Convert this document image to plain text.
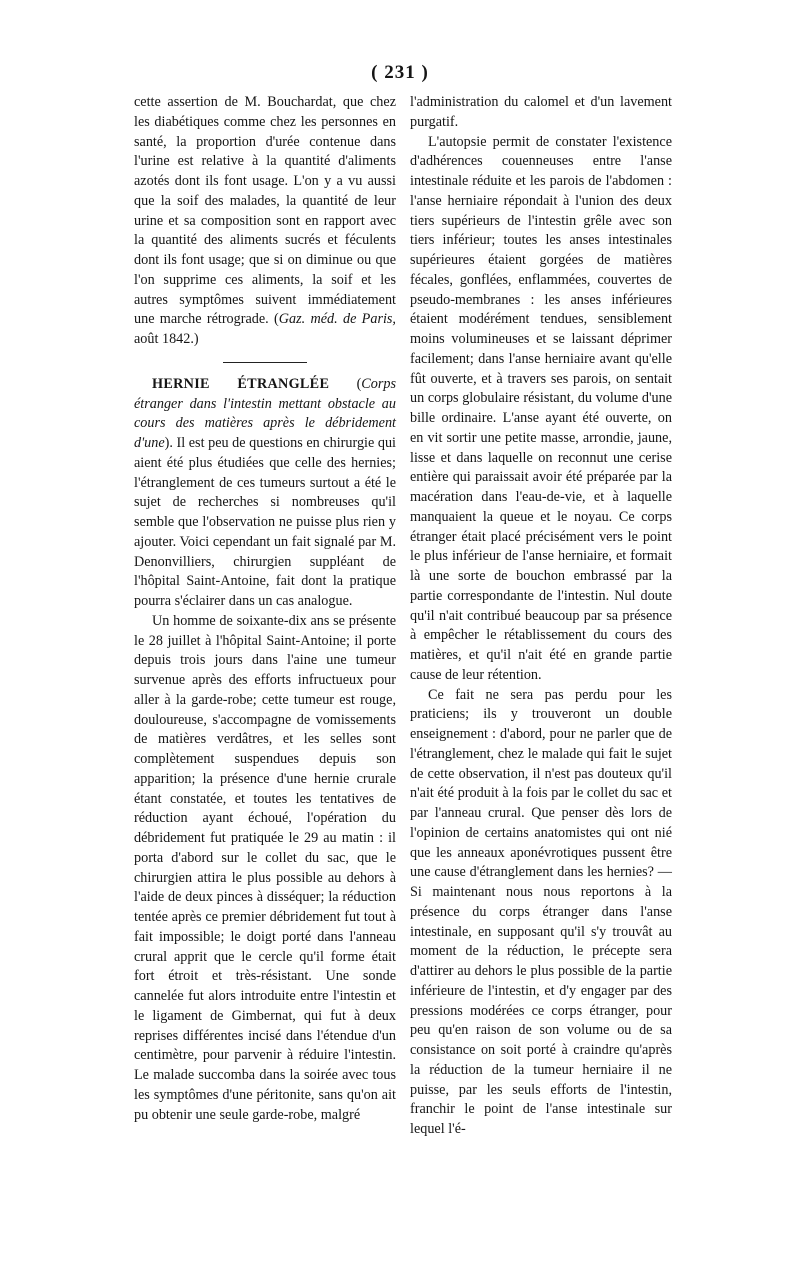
( 231 )

cette assertion de M. Bouchardat, que chez les diabétiques comme chez les personnes en santé, la proportion d'urée contenue dans l'urine est relative à la quantité d'aliments azotés dont ils font usage. L'on y a vu aussi que la soif des malades, la quantité de leur urine et sa composition sont en rapport avec la quantité des aliments sucrés et féculents dont ils font usage; que si on diminue ou que l'on supprime ces aliments, la soif et les autres symptômes suivent immédiatement une marche rétrograde. (Gaz. méd. de Paris, août 1842.)

HERNIE ÉTRANGLÉE (Corps étranger dans l'intestin mettant obstacle au cours des matières après le débridement d'une). Il est peu de questions en chirurgie qui aient été plus étudiées que celle des hernies; l'étranglement de ces tumeurs surtout a été le sujet de recherches si nombreuses qu'il semble que l'observation ne puisse plus rien y ajouter. Voici cependant un fait signalé par M. Denonvilliers, chirurgien suppléant de l'hôpital Saint-Antoine, fait dont la pratique pourra s'éclairer dans un cas analogue.

Un homme de soixante-dix ans se présente le 28 juillet à l'hôpital Saint-Antoine; il porte depuis trois jours dans l'aine une tumeur survenue après des efforts infructueux pour aller à la garde-robe; cette tumeur est rouge, douloureuse, s'accompagne de vomissements de matières verdâtres, et les selles sont complètement suspendues depuis son apparition; la présence d'une hernie crurale étant constatée, et toutes les tentatives de réduction ayant échoué, l'opération du débridement fut pratiquée le 29 au matin : il porta d'abord sur le collet du sac, que le chirurgien attira le plus possible au dehors à l'aide de deux pinces à disséquer; la réduction tentée après ce premier débridement fut tout à fait impossible; le doigt porté dans l'anneau crural apprit que le cercle qu'il forme était fort étroit et très-résistant. Une sonde cannelée fut alors introduite entre l'intestin et le ligament de Gimbernat, qui fut à deux reprises différentes incisé dans l'étendue d'un centimètre, pour parvenir à réduire l'intestin. Le malade succomba dans la soirée avec tous les symptômes d'une péritonite, sans qu'on ait pu obtenir une seule garde-robe, malgré

l'administration du calomel et d'un lavement purgatif.

L'autopsie permit de constater l'existence d'adhérences couenneuses entre l'anse intestinale réduite et les parois de l'abdomen : l'anse herniaire répondait à l'union des deux tiers supérieurs de l'intestin grêle avec son tiers inférieur; toutes les anses intestinales supérieures étaient gorgées de matières fécales, gonflées, enflammées, couvertes de pseudo-membranes : les anses inférieures étaient modérément tendues, sensiblement moins volumineuses et se laissant déprimer facilement; dans l'anse herniaire avant qu'elle fût ouverte, et à travers ses parois, on sentait un corps globulaire résistant, du volume d'une bille ordinaire. L'anse ayant été ouverte, on en vit sortir une petite masse, arrondie, jaune, lisse et dans laquelle on reconnut une cerise entière qui paraissait avoir été préparée par la macération dans l'eau-de-vie, et à laquelle manquaient la queue et le noyau. Ce corps étranger était placé précisément vers le point le plus inférieur de l'anse herniaire, et formait là une sorte de bouchon embrassé par la partie correspondante de l'intestin. Nul doute qu'il n'ait contribué beaucoup par sa présence à empêcher le rétablissement du cours des matières, et qu'il n'ait été en grande partie cause de leur rétention.

Ce fait ne sera pas perdu pour les praticiens; ils y trouveront un double enseignement : d'abord, pour ne parler que de l'étranglement, chez le malade qui fait le sujet de cette observation, il n'est pas douteux qu'il n'ait été produit à la fois par le collet du sac et par l'anneau crural. Que penser dès lors de l'opinion de certains anatomistes qui ont nié que les anneaux aponévrotiques pussent être une cause d'étranglement dans les hernies? — Si maintenant nous nous reportons à la présence du corps étranger dans l'anse intestinale, en supposant qu'il s'y trouvât au moment de la réduction, le précepte sera d'attirer au dehors le plus possible de la partie inférieure de l'intestin, et d'y engager par des pressions modérées ce corps étranger, pour peu qu'en raison de son volume ou de sa consistance on soit porté à craindre qu'après la réduction de la tumeur herniaire il ne puisse, par les seuls efforts de l'intestin, franchir le point de l'anse intestinale sur lequel l'é-
